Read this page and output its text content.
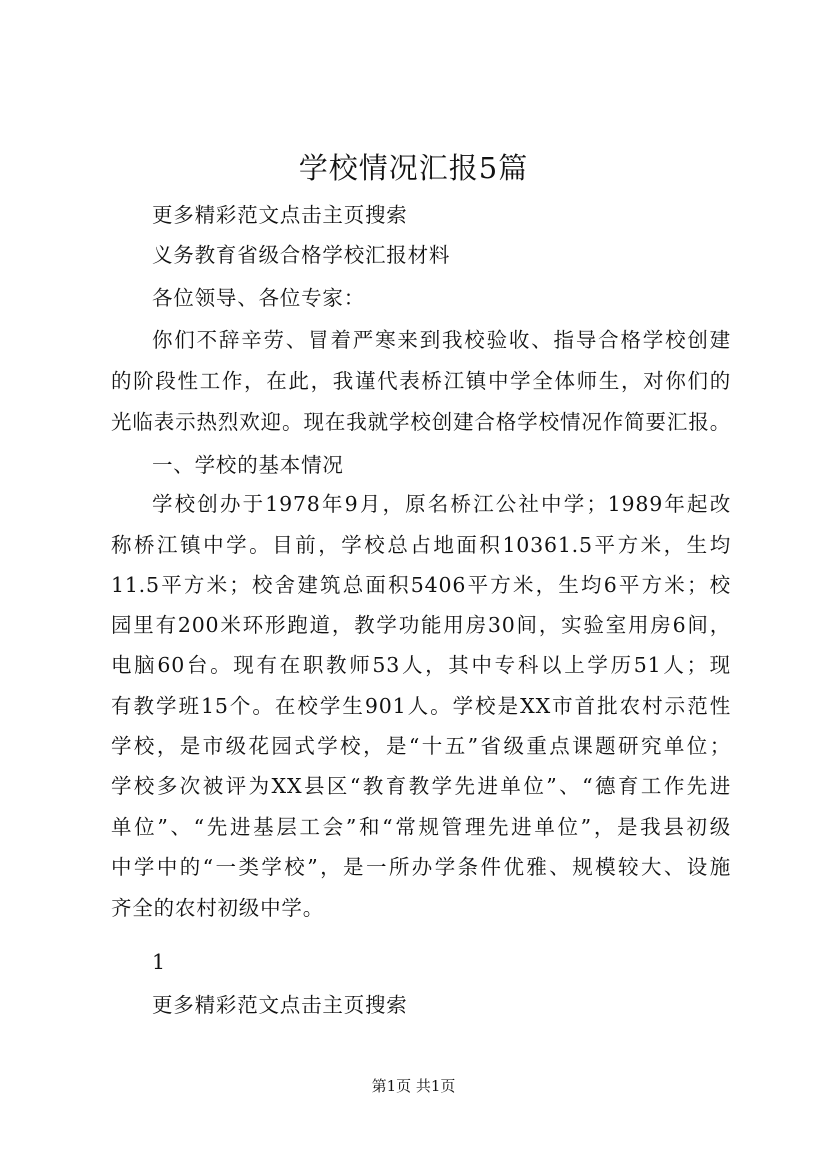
学校情况汇报5篇
更多精彩范文点击主页搜索
义务教育省级合格学校汇报材料
各位领导、各位专家：
你们不辞辛劳、冒着严寒来到我校验收、指导合格学校创建
的阶段性工作，在此，我谨代表桥江镇中学全体师生，对你们的
光临表示热烈欢迎。现在我就学校创建合格学校情况作简要汇报。
一、学校的基本情况
学校创办于1978年9月，原名桥江公社中学；1989年起改
称桥江镇中学。目前，学校总占地面积10361.5平方米，生均
11.5平方米；校舍建筑总面积5406平方米，生均6平方米；校
园里有200米环形跑道，教学功能用房30间，实验室用房6间，
电脑60台。现有在职教师53人，其中专科以上学历51人；现
有教学班15个。在校学生901人。学校是XX市首批农村示范性
学校，是市级花园式学校，是“十五”省级重点课题研究单位；
学校多次被评为XX县区“教育教学先进单位”、“德育工作先进
单位”、“先进基层工会”和“常规管理先进单位”，是我县初级
中学中的“一类学校”，是一所办学条件优雅、规模较大、设施
齐全的农村初级中学。
1
更多精彩范文点击主页搜索
第1页 共1页
